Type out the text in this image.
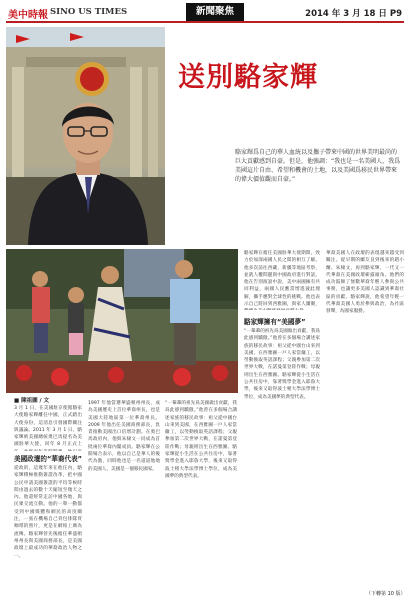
美中時報 SINO US TIMES	新聞聚焦	2014 年 3 月 18 日 P9
送別駱家輝
駱家輝爲自己的華人血統以及攜子帶來中國的世界美明最尚的巨大貢獻感到自豪。但是，他強調：“我也是一名美國人，我爲美國這片自由、希望和機會的土地，以及美國爲移民世界帶來的偉大價值觀而自豪。”
■ 陳祖圖 / 文
美國政壇的“華裔代表”
3 月 1 日，在美國駐京使館駱家大使駱家輝離任中國，正式踏出大使身份，這消息引發國際關注與議論。2011 年 3 月 1 日，駱家輝被美國總統奧巴馬提名為美國駐華大使，同年 8 月正式上
從政的，這幾年來在他任內，駱家輝積極推動簽證改革，把中國公民申請美國簽證的平均等候時間由過去的數十天縮短至幾天之內。他還經常走訪中國各地，與民眾交流互動。他的一舉一動都受到中國媒體和網民的高度關注，一張在機場自己背包排隊買咖啡的照片，更是在網絡上廣為流傳。駱家輝曾先後擔任華盛頓州州長與美國商務部長，是美國政壇上最成功的華裔政治人物之一。
1997 年他當選華盛頓州州長，成為美國歷史上首位華裔州長，也是美國大陸地區第一位華裔州長。2009 年他出任美國商務部長，負責推動美國出口倍增計劃。在奧巴馬政府內，他與朱棣文一同成為首批兩位華裔內閣成員。駱家輝在公開場合表示，他以自己是華人的後代為傲，同時他也是一名道道地地的美國人，美國是一個移民國家。
“一輩輩的祖先爲美國做出貢獻，我爲此感到驕傲。”他曾在多個場合講述家族的移民故事：祖父從中國台山來到美國，在西雅圖一戶人家當傭工，以勞動換取英語課程；父親參加第二次世界大戰，在諾曼第登陸作戰；母親則出生在西雅圖。駱家輝從小生活在公共住房中，靠著獎學金進入耶魯大學，後來又取得波士頓大學法學博士學位，成為美國夢的典型代表。
駱家輝在擔任美國駐華大使期間，致力於加深兩國人民之間的相互了解。他多次前往西藏、新疆等地區考察，並就人權問題與中國政府進行對話。他在告別演說中說，美中兩國擁有共同利益，兩國人民應當增進彼此理解，攜手應對全球性的挑戰。他也表示自己將回到西雅圖，與家人團聚，
駱家輝擁有“美國夢”
“一輩輩的祖先爲美國做出貢獻，我爲此感到驕傲。”他曾在多個場合講述家族的移民故事：祖父從中國台山來到美國，在西雅圖一戶人家當傭工，以勞動換取英語課程；父親參加第二次世界大戰，在諾曼第登陸作戰；母親則出生在西雅圖。駱家輝從小生活在公共住房中，靠著獎學金進入耶魯大學，後來又取得波士頓大學法學博士學位，成為美國夢的典型代表。
華裔美國人在政壇的表現越來越受到關注。從早期的鄺友良到後來的趙小蘭、朱棣文，再到駱家輝，一代又一代華裔在美國政壇嶄露頭角。他們的成功鼓舞了無數華裔年輕人參與公共事務，也讓更多美國人認識到華裔社區的貢獻。駱家輝說，他希望年輕一代華裔美國人勇於參與政治，為社區發聲，為國家服務。
（下轉第 10 版）
